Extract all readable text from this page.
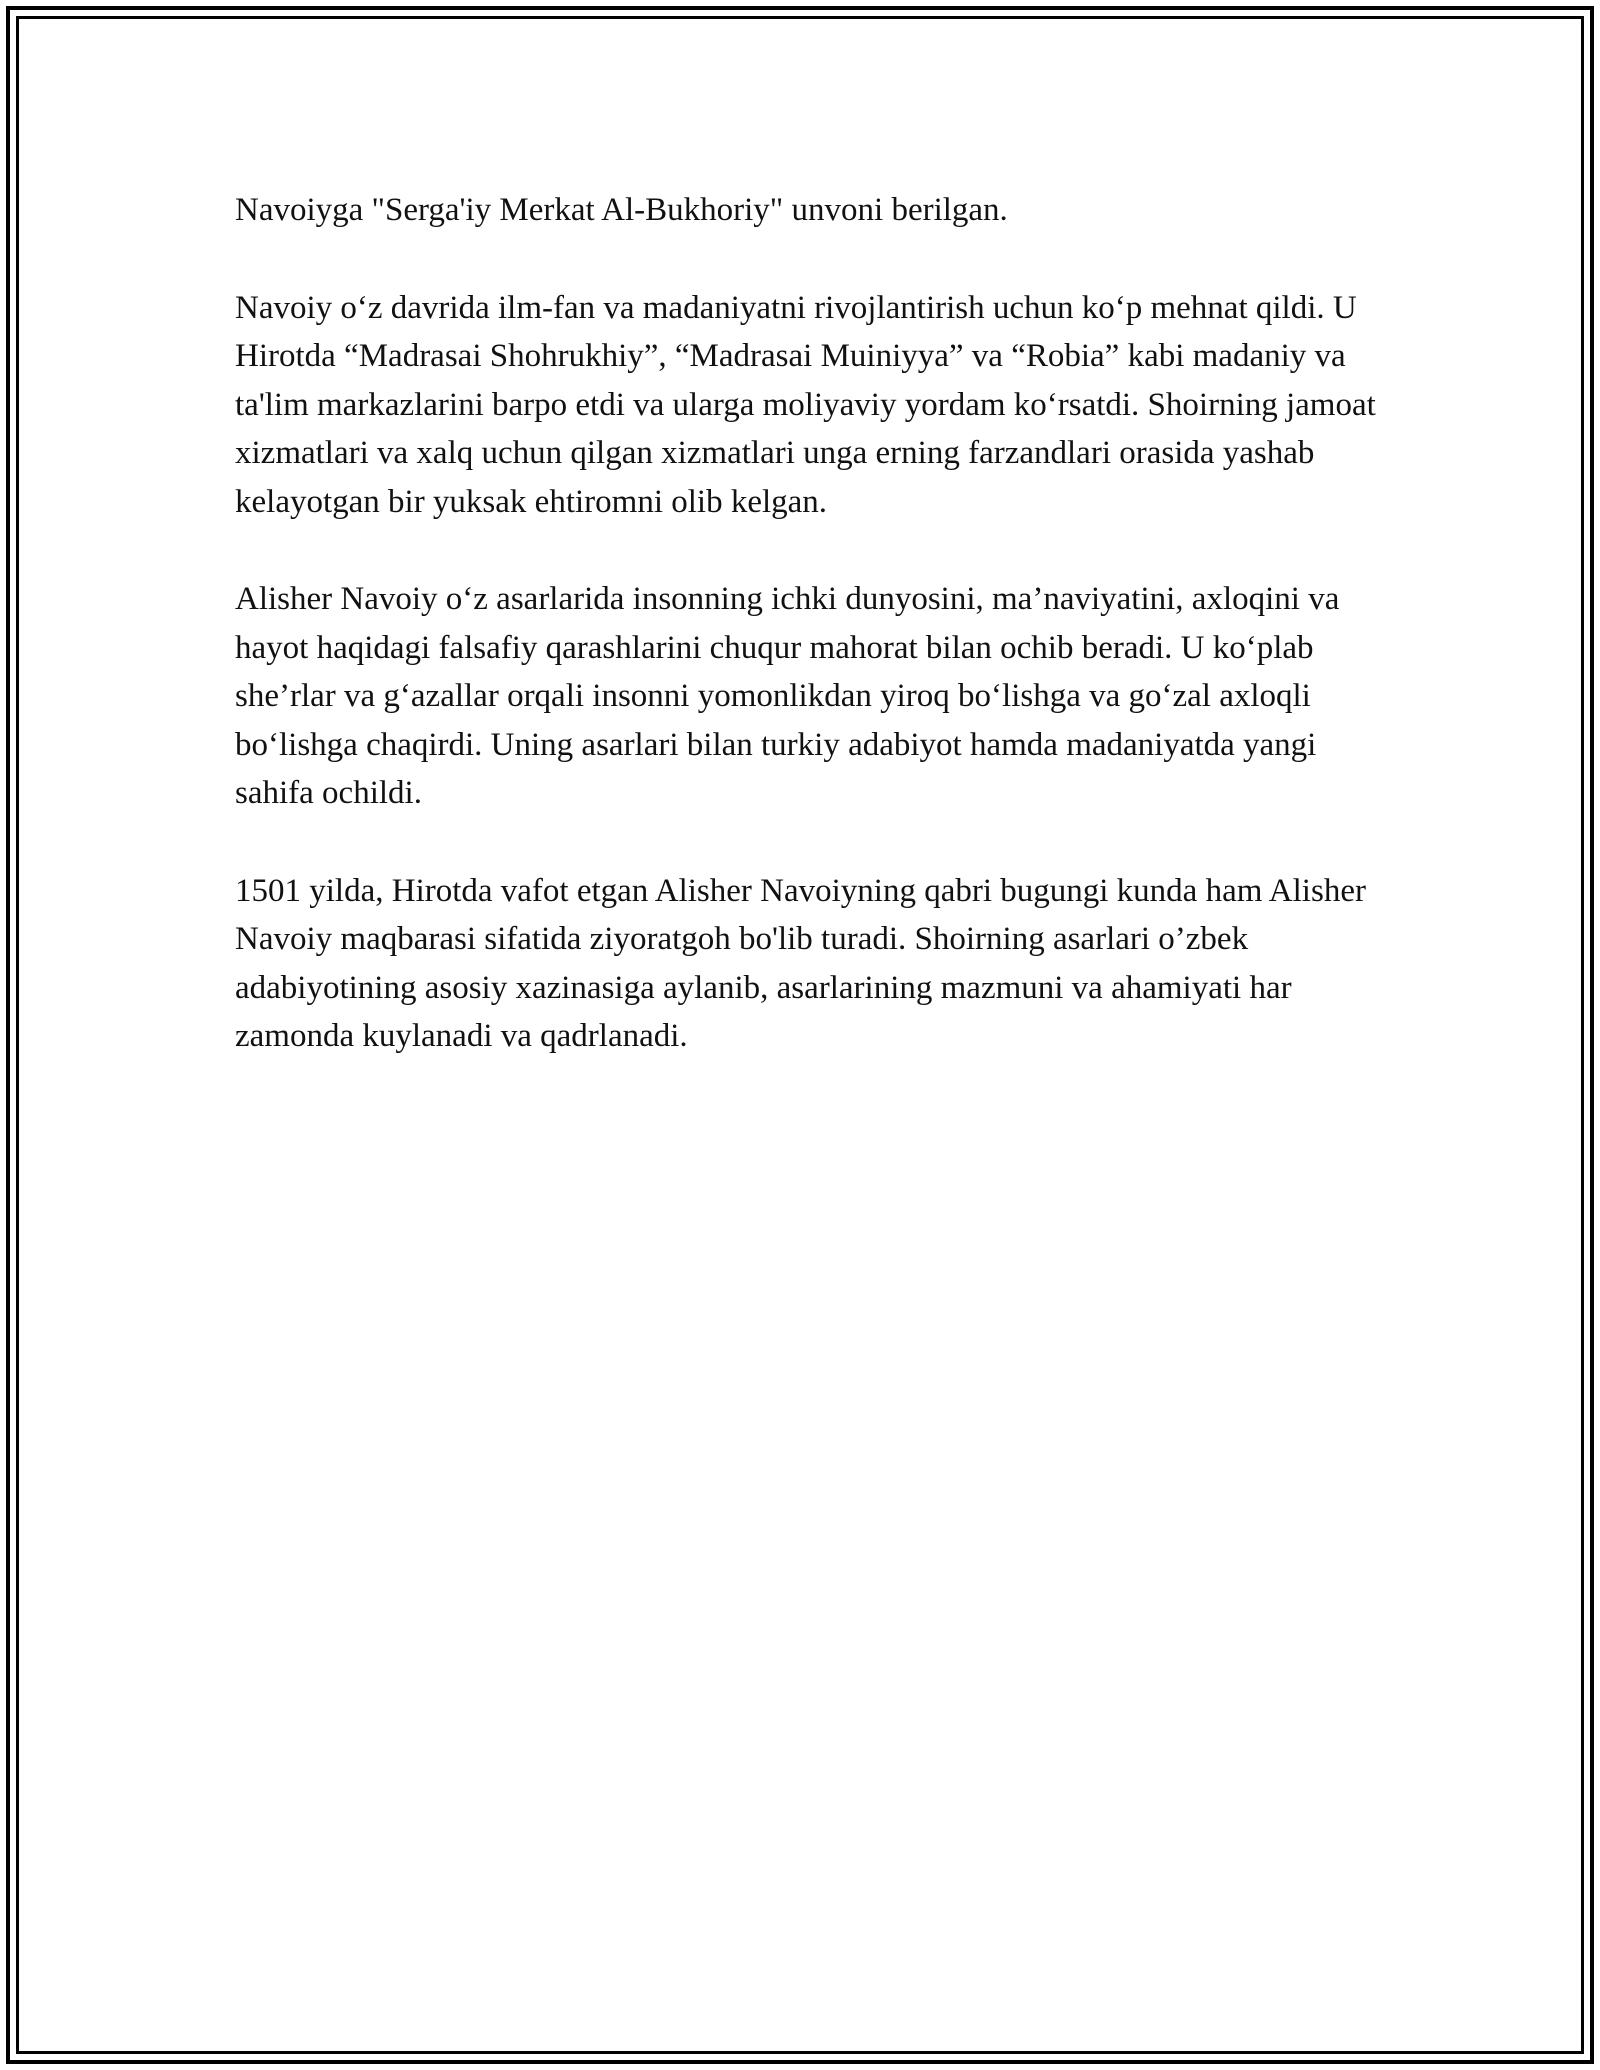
Navoiyga "Serga'iy Merkat Al-Bukhoriy" unvoni berilgan.

Navoiy o‘z davrida ilm-fan va madaniyatni rivojlantirish uchun ko‘p mehnat qildi. U Hirotda “Madrasai Shohrukhiy”, “Madrasai Muiniyya” va “Robia” kabi madaniy va ta'lim markazlarini barpo etdi va ularga moliyaviy yordam ko‘rsatdi. Shoirning jamoat xizmatlari va xalq uchun qilgan xizmatlari unga erning farzandlari orasida yashab kelayotgan bir yuksak ehtiromni olib kelgan.

Alisher Navoiy o‘z asarlarida insonning ichki dunyosini, ma’naviyatini, axloqini va hayot haqidagi falsafiy qarashlarini chuqur mahorat bilan ochib beradi. U ko‘plab she’rlar va g‘azallar orqali insonni yomonlikdan yiroq bo‘lishga va go‘zal axloqli bo‘lishga chaqirdi. Uning asarlari bilan turkiy adabiyot hamda madaniyatda yangi sahifa ochildi.

1501 yilda, Hirotda vafot etgan Alisher Navoiyning qabri bugungi kunda ham Alisher Navoiy maqbarasi sifatida ziyoratgoh bo'lib turadi. Shoirning asarlari o’zbek adabiyotining asosiy xazinasiga aylanib, asarlarining mazmuni va ahamiyati har zamonda kuylanadi va qadrlanadi.
